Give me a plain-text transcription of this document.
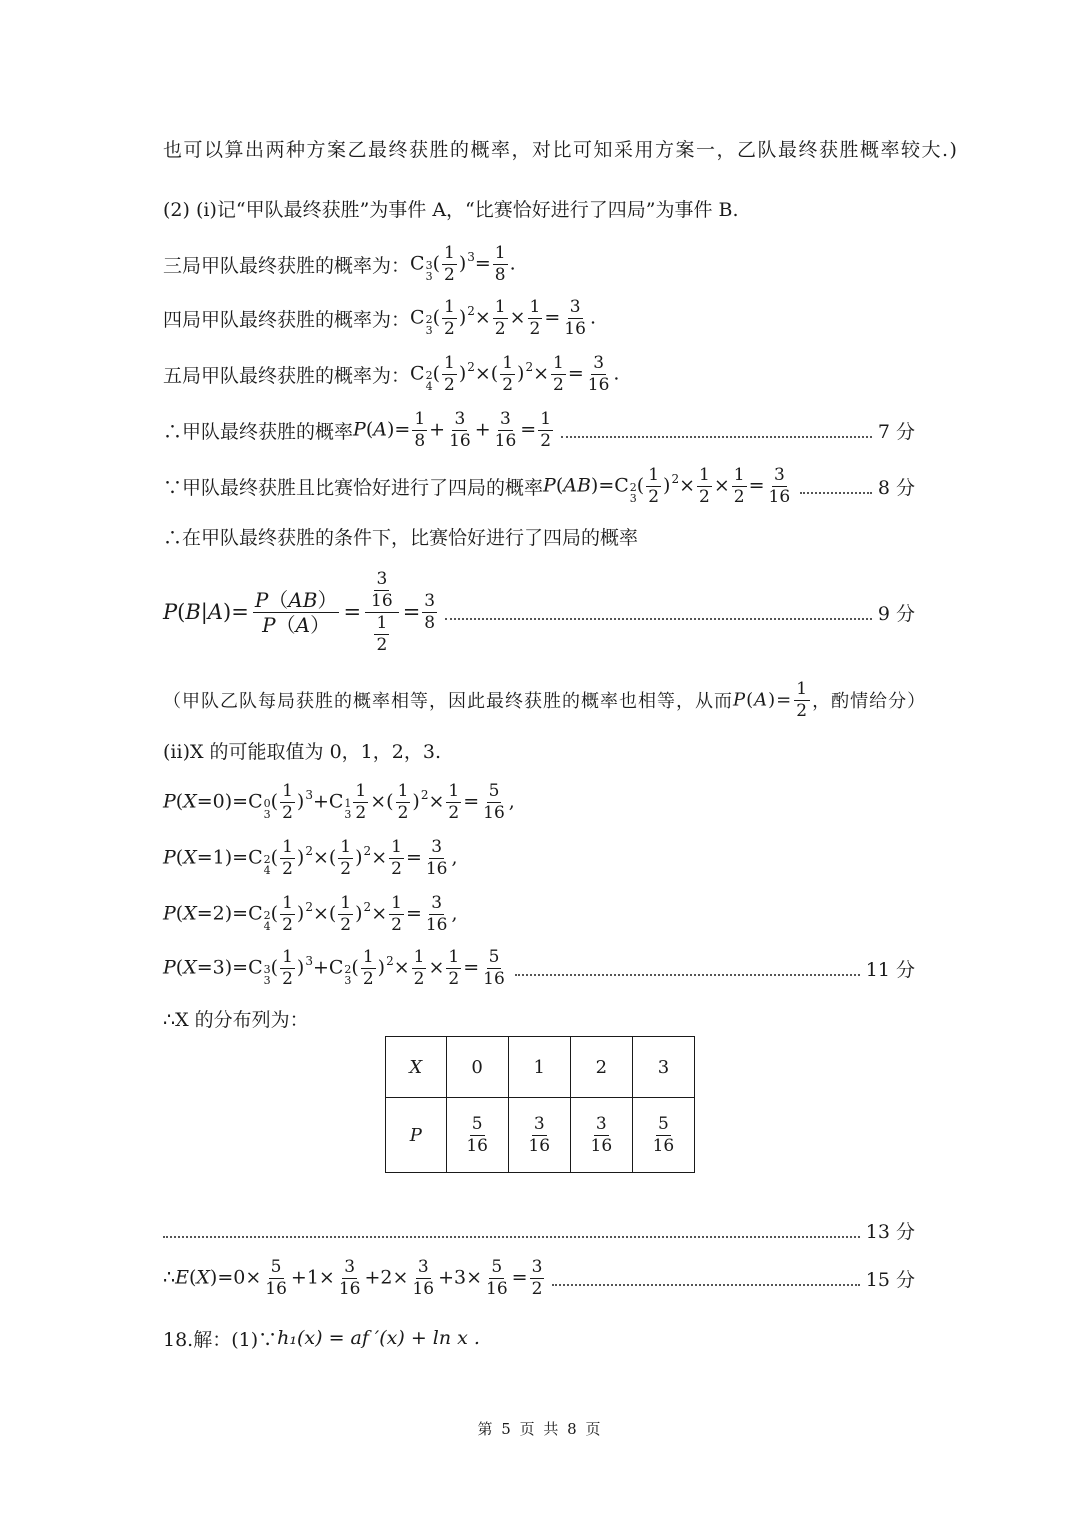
也可以算出两种方案乙最终获胜的概率，对比可知采用方案一，乙队最终获胜概率较大.)
(2) (i)记“甲队最终获胜”为事件 A，“比赛恰好进行了四局”为事件 B.
三局甲队最终获胜的概率为： C 3
3
( $\frac{1}{2} )^3= \frac{1}{8}$ .
四局甲队最终获胜的概率为： C 2
3
( $\frac{1}{2} )^2\times \frac{1}{2} \times \frac{1}{2} = \frac{3}{16}$ .
五局甲队最终获胜的概率为： C 2
4
( $\frac{1}{2} )^2\times( \frac{1}{2} )^2\times \frac{1}{2} = \frac{3}{16}$ .
∴甲队最终获胜的概率 $P(A)= \frac{1}{8} + \frac{3}{16} + \frac{3}{16} = \frac{1}{2}$	7 分
∵甲队最终获胜且比赛恰好进行了四局的概率 P(AB)=C 2
3
( $\frac{1}{2} )^2\times \frac{1}{2} \times \frac{1}{2} = \frac{3}{16}$	8 分
∴在甲队最终获胜的条件下，比赛恰好进行了四局的概率
P ( B | A )= $\frac{P(AB)}{P(A)} = \frac{\frac{3}{16}}{\frac{1}{2}} = \frac{3}{8}$	9 分
（甲队乙队每局获胜的概率相等，因此最终获胜的概率也相等，从而 $P(A)= \frac{1}{2}$ ，酌情给分）
(ii)X 的可能取值为 0，1，2，3.
P(X=0)=C 0
3
( $\frac{1}{2} )^3+C$ 1
$3 \frac{1}{2}$ ×( $\frac{1}{2} )^2\times \frac{1}{2} = \frac{5}{16}$ ,
P(X=1)=C 2
4
( $\frac{1}{2} )^2\times( \frac{1}{2} )^2\times \frac{1}{2} = \frac{3}{16}$ ,
P(X=2)=C 2
4
( $\frac{1}{2} )^2\times( \frac{1}{2} )^2\times \frac{1}{2} = \frac{3}{16}$ ,
P(X=3)=C 3
3
( $\frac{1}{2} )^3+C$ 2
3
( $\frac{1}{2} )^2\times \frac{1}{2} \times \frac{1}{2} = \frac{5}{16}$	11 分
∴X 的分布列为：
X	0	1	2	3
P	$\frac{5}{16}$	$\frac{3}{16}$	$\frac{3}{16}$	$\frac{5}{16}$
13 分
∴E(X)=0× $\frac{5}{16} +1\times \frac{3}{16} +2\times \frac{3}{16} +3\times \frac{5}{16} = \frac{3}{2}$	15 分
18.解：(1)∵ h₁(x) = af ′(x) + ln x .
第 5 页 共 8 页
